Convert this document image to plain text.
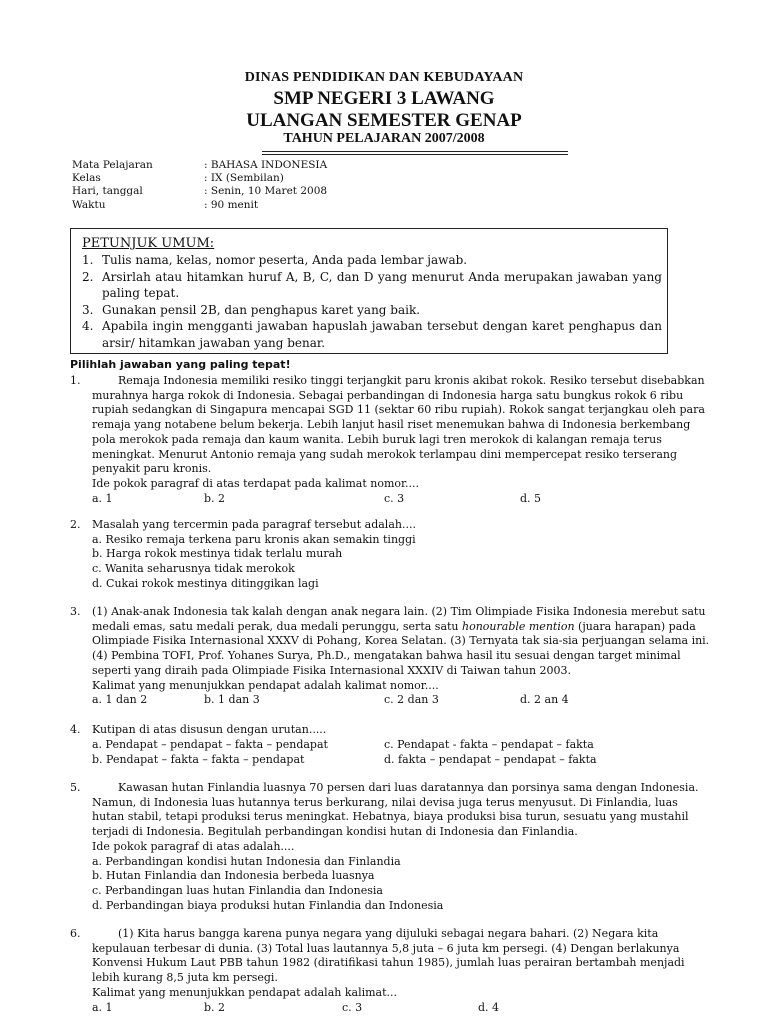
DINAS PENDIDIKAN DAN KEBUDAYAAN
SMP NEGERI 3 LAWANG
ULANGAN SEMESTER GENAP
TAHUN PELAJARAN 2007/2008
Mata Pelajaran	: BAHASA INDONESIA
Kelas	: IX (Sembilan)
Hari, tanggal	: Senin, 10 Maret 2008
Waktu	: 90 menit
PETUNJUK UMUM:
1. Tulis nama, kelas, nomor peserta, Anda pada lembar jawab.
2. Arsirlah atau hitamkan huruf A, B, C, dan D yang menurut Anda merupakan jawaban yang paling tepat.
3. Gunakan pensil 2B, dan penghapus karet yang baik.
4. Apabila ingin mengganti jawaban hapuslah jawaban tersebut dengan karet penghapus dan arsir/ hitamkan jawaban yang benar.
Pilihlah jawaban yang paling tepat!
1.	Remaja Indonesia memiliki resiko tinggi terjangkit paru kronis akibat rokok. Resiko tersebut disebabkan murahnya harga rokok di Indonesia. Sebagai perbandingan di Indonesia harga satu bungkus rokok 6 ribu rupiah sedangkan di Singapura mencapai SGD 11 (sektar 60 ribu rupiah). Rokok sangat terjangkau oleh para remaja yang notabene belum bekerja. Lebih lanjut hasil riset menemukan bahwa di Indonesia berkembang pola merokok pada remaja dan kaum wanita. Lebih buruk lagi tren merokok di kalangan remaja terus meningkat. Menurut Antonio remaja yang sudah merokok terlampau dini mempercepat resiko terserang penyakit paru kronis.
Ide pokok paragraf di atas terdapat pada kalimat nomor....
a. 1	b. 2	c. 3	d. 5
2. Masalah yang tercermin pada paragraf tersebut adalah....
a. Resiko remaja terkena paru kronis akan semakin tinggi
b. Harga rokok mestinya tidak terlalu murah
c. Wanita seharusnya tidak merokok
d. Cukai rokok mestinya ditinggikan lagi
3. (1) Anak-anak Indonesia tak kalah dengan anak negara lain. (2) Tim Olimpiade Fisika Indonesia merebut satu medali emas, satu medali perak, dua medali perunggu, serta satu honourable mention (juara harapan) pada Olimpiade Fisika Internasional XXXV di Pohang, Korea Selatan. (3) Ternyata tak sia-sia perjuangan selama ini. (4) Pembina TOFI, Prof. Yohanes Surya, Ph.D., mengatakan bahwa hasil itu sesuai dengan target minimal seperti yang diraih pada Olimpiade Fisika Internasional XXXIV di Taiwan tahun 2003.
Kalimat yang menunjukkan pendapat adalah kalimat nomor....
a. 1 dan 2	b. 1 dan 3	c. 2 dan 3	d. 2 an 4
4. Kutipan di atas disusun dengan urutan.....
a. Pendapat – pendapat – fakta – pendapat	c. Pendapat - fakta – pendapat – fakta
b. Pendapat – fakta – fakta – pendapat	d. fakta – pendapat – pendapat – fakta
5.	Kawasan hutan Finlandia luasnya 70 persen dari luas daratannya dan porsinya sama dengan Indonesia. Namun, di Indonesia luas hutannya terus berkurang, nilai devisa juga terus menyusut. Di Finlandia, luas hutan stabil, tetapi produksi terus meningkat. Hebatnya, biaya produksi bisa turun, sesuatu yang mustahil terjadi di Indonesia. Begitulah perbandingan kondisi hutan di Indonesia dan Finlandia.
Ide pokok paragraf di atas adalah....
a. Perbandingan kondisi hutan Indonesia dan Finlandia
b. Hutan Finlandia dan Indonesia berbeda luasnya
c. Perbandingan luas hutan Finlandia dan Indonesia
d. Perbandingan biaya produksi hutan Finlandia dan Indonesia
6.	(1) Kita harus bangga karena punya negara yang dijuluki sebagai negara bahari. (2) Negara kita kepulauan terbesar di dunia. (3) Total luas lautannya 5,8 juta – 6 juta km persegi. (4) Dengan berlakunya Konvensi Hukum Laut PBB tahun 1982 (diratifikasi tahun 1985), jumlah luas perairan bertambah menjadi lebih kurang 8,5 juta km persegi.
Kalimat yang menunjukkan pendapat adalah kalimat...
a. 1	b. 2	c. 3	d. 4
